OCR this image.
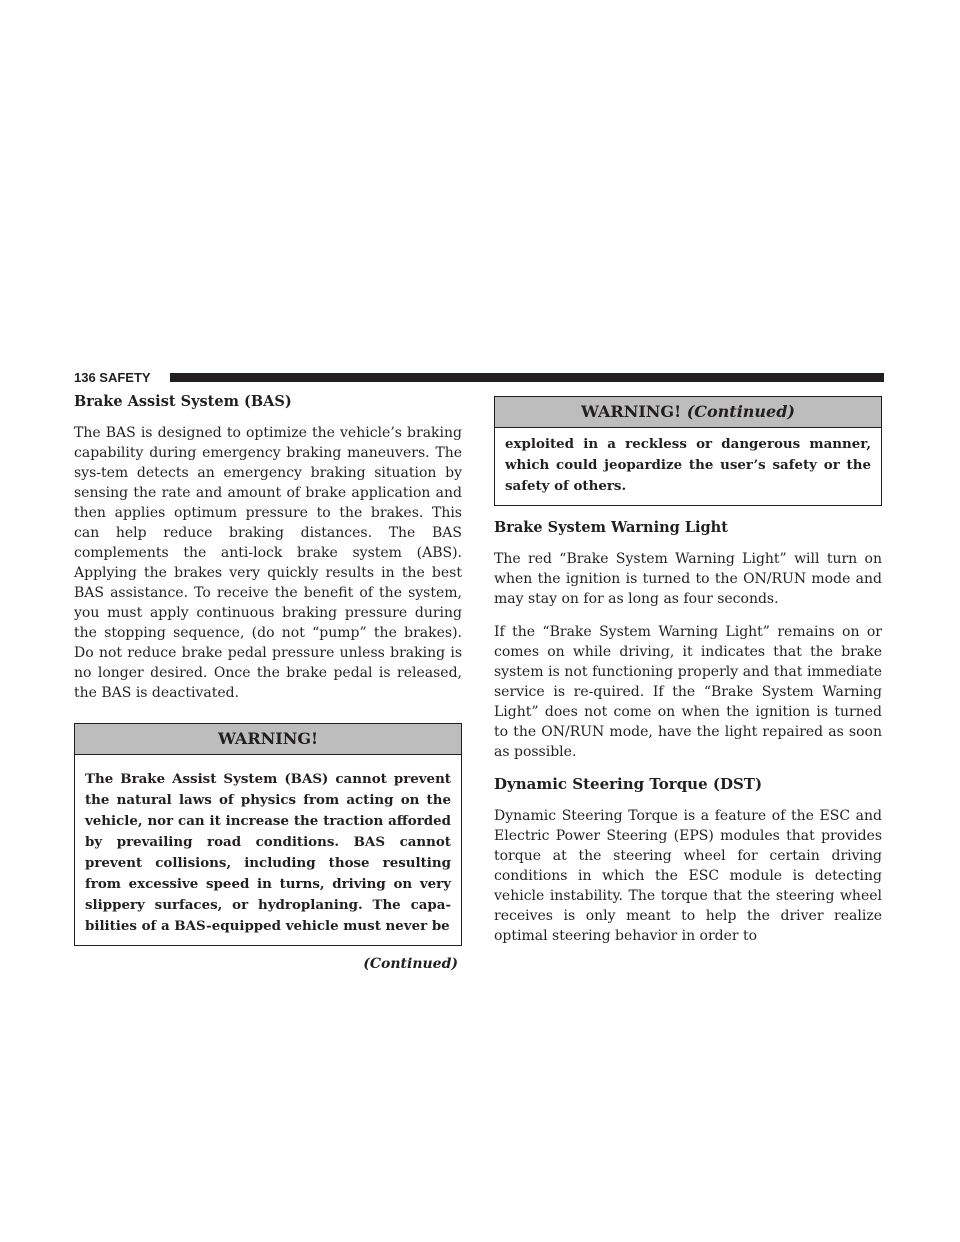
136 SAFETY
Brake Assist System (BAS)

The BAS is designed to optimize the vehicle’s braking capability during emergency braking maneuvers. The sys-tem detects an emergency braking situation by sensing the rate and amount of brake application and then applies optimum pressure to the brakes. This can help reduce braking distances. The BAS complements the anti-lock brake system (ABS). Applying the brakes very quickly results in the best BAS assistance. To receive the benefit of the system, you must apply continuous braking pressure during the stopping sequence, (do not “pump” the brakes). Do not reduce brake pedal pressure unless braking is no longer desired. Once the brake pedal is released, the BAS is deactivated.

WARNING!
The Brake Assist System (BAS) cannot prevent the natural laws of physics from acting on the vehicle, nor can it increase the traction afforded by prevailing road conditions. BAS cannot prevent collisions, including those resulting from excessive speed in turns, driving on very slippery surfaces, or hydroplaning. The capa-bilities of a BAS-equipped vehicle must never be
(Continued)
WARNING! (Continued)
exploited in a reckless or dangerous manner, which could jeopardize the user’s safety or the safety of others.
Brake System Warning Light

The red “Brake System Warning Light” will turn on when the ignition is turned to the ON/RUN mode and may stay on for as long as four seconds.

If the “Brake System Warning Light” remains on or comes on while driving, it indicates that the brake system is not functioning properly and that immediate service is re-quired. If the “Brake System Warning Light” does not come on when the ignition is turned to the ON/RUN mode, have the light repaired as soon as possible.

Dynamic Steering Torque (DST)

Dynamic Steering Torque is a feature of the ESC and Electric Power Steering (EPS) modules that provides torque at the steering wheel for certain driving conditions in which the ESC module is detecting vehicle instability. The torque that the steering wheel receives is only meant to help the driver realize optimal steering behavior in order to
